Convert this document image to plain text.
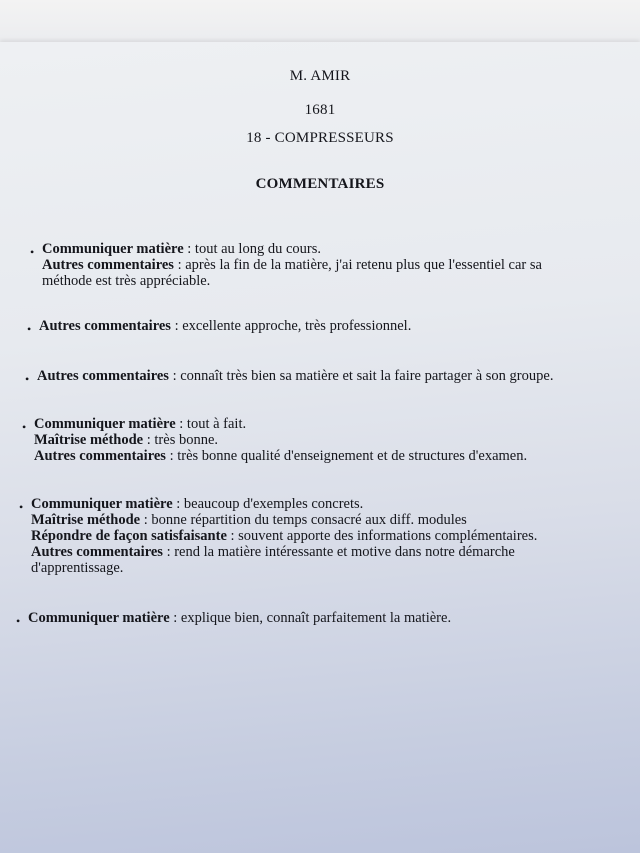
M. AMIR
1681
18 - COMPRESSEURS
COMMENTAIRES
• Communiquer matière : tout au long du cours.
Autres commentaires : après la fin de la matière, j'ai retenu plus que l'essentiel car sa
méthode est très appréciable.
• Autres commentaires : excellente approche, très professionnel.
• Autres commentaires : connaît très bien sa matière et sait la faire partager à son groupe.
• Communiquer matière : tout à fait.
Maîtrise méthode : très bonne.
Autres commentaires : très bonne qualité d'enseignement et de structures d'examen.
• Communiquer matière : beaucoup d'exemples concrets.
Maîtrise méthode : bonne répartition du temps consacré aux diff. modules
Répondre de façon satisfaisante : souvent apporte des informations complémentaires.
Autres commentaires : rend la matière intéressante et motive dans notre démarche
d'apprentissage.
• Communiquer matière : explique bien, connaît parfaitement la matière.
